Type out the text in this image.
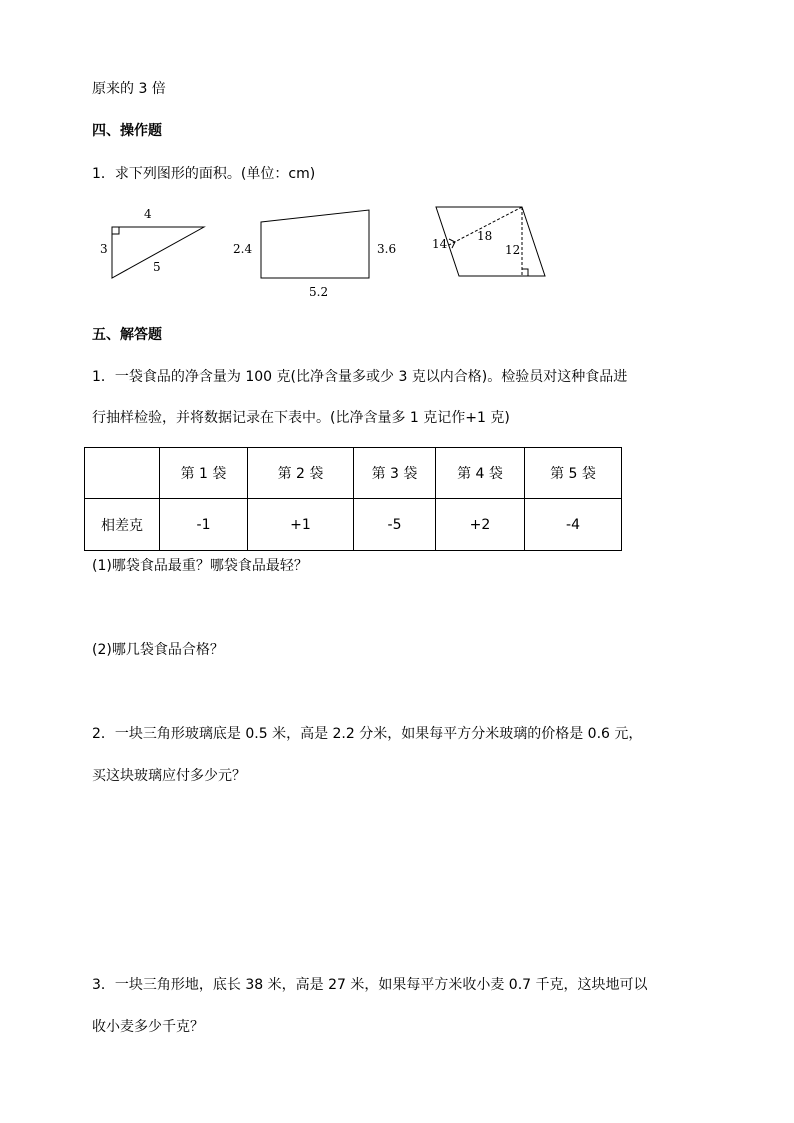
原来的 3 倍
四、操作题
1．求下列图形的面积。(单位：cm)
4
3
5
2.4	3.6
5.2
14
18
12
五、解答题
1．一袋食品的净含量为 100 克(比净含量多或少 3 克以内合格)。检验员对这种食品进
行抽样检验，并将数据记录在下表中。(比净含量多 1 克记作+1 克)
	第 1 袋	第 2 袋	第 3 袋	第 4 袋	第 5 袋
相差克	-1	+1	-5	+2	-4
(1)哪袋食品最重？哪袋食品最轻？
(2)哪几袋食品合格？
2．一块三角形玻璃底是 0.5 米，高是 2.2 分米，如果每平方分米玻璃的价格是 0.6 元，
买这块玻璃应付多少元？
3．一块三角形地，底长 38 米，高是 27 米，如果每平方米收小麦 0.7 千克，这块地可以
收小麦多少千克？
